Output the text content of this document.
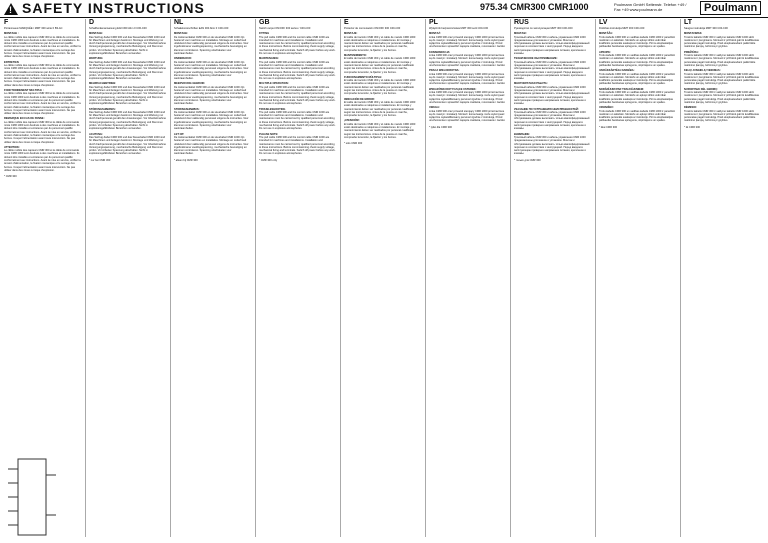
!SAFETY INSTRUCTIONS	975.34 CMR300 CMR1000	Poulmann GmbH Seltenstr. Telefon +49 / Fax +49 www.poulmann.de	Poulmann
F
Portanneaux MARQUÉE / MMT 300 série 0 B3-AC
MONTAGE :
Le câble mobile des capteurs CMR 300 et le câble de commande mixte CMR 1000 sont destinés à des machines et installations. Ils doivent être installés et entretenus par du personnel qualifié conformément aux instructions. Avant la mise en service, vérifier la tension d'alimentation, la fixation mécanique et le serrage des bornes. Couper l'alimentation avant toute intervention. Ne pas utiliser dans des zones à risque d'explosion.
ENTRETIEN
Le câble mobile des capteurs CMR 300 et le câble de commande mixte CMR 1000 sont destinés à des machines et installations. Ils doivent être installés et entretenus par du personnel qualifié conformément aux instructions. Avant la mise en service, vérifier la tension d'alimentation, la fixation mécanique et le serrage des bornes. Couper l'alimentation avant toute intervention. Ne pas utiliser dans des zones à risque d'explosion.
FONCTIONNEMENT MULTIPLE :
Le câble mobile des capteurs CMR 300 et le câble de commande mixte CMR 1000 sont destinés à des machines et installations. Ils doivent être installés et entretenus par du personnel qualifié conformément aux instructions. Avant la mise en service, vérifier la tension d'alimentation, la fixation mécanique et le serrage des bornes. Couper l'alimentation avant toute intervention. Ne pas utiliser dans des zones à risque d'explosion.
REMARQUE EN CAS DE PANNE :
Le câble mobile des capteurs CMR 300 et le câble de commande mixte CMR 1000 sont destinés à des machines et installations. Ils doivent être installés et entretenus par du personnel qualifié conformément aux instructions. Avant la mise en service, vérifier la tension d'alimentation, la fixation mécanique et le serrage des bornes. Couper l'alimentation avant toute intervention. Ne pas utiliser dans des zones à risque d'explosion.
ATTENTION :
Le câble mobile des capteurs CMR 300 et le câble de commande mixte CMR 1000 sont destinés à des machines et installations. Ils doivent être installés et entretenus par du personnel qualifié conformément aux instructions. Avant la mise en service, vérifier la tension d'alimentation, la fixation mécanique et le serrage des bornes. Couper l'alimentation avant toute intervention. Ne pas utiliser dans des zones à risque d'explosion.
* CMR 300
D
Schaltfunkenanweisung EAN 300 Abm 0 C00-C00
MONTAGE:
Das Seilzug-Kabel CMR 300 und das Steuerkabel CMR 1000 sind für Maschinen und Anlagen bestimmt. Montage und Wartung nur durch Fachpersonal gemäß den Anweisungen. Vor Inbetriebnahme Versorgungsspannung, mechanische Befestigung und Klemmen prüfen. Vor Arbeiten Spannung abschalten. Nicht in explosionsgefährdeten Bereichen verwenden.
WARTUNG:
Das Seilzug-Kabel CMR 300 und das Steuerkabel CMR 1000 sind für Maschinen und Anlagen bestimmt. Montage und Wartung nur durch Fachpersonal gemäß den Anweisungen. Vor Inbetriebnahme Versorgungsspannung, mechanische Befestigung und Klemmen prüfen. Vor Arbeiten Spannung abschalten. Nicht in explosionsgefährdeten Bereichen verwenden.
MEHRFACHBETRIEB:
Das Seilzug-Kabel CMR 300 und das Steuerkabel CMR 1000 sind für Maschinen und Anlagen bestimmt. Montage und Wartung nur durch Fachpersonal gemäß den Anweisungen. Vor Inbetriebnahme Versorgungsspannung, mechanische Befestigung und Klemmen prüfen. Vor Arbeiten Spannung abschalten. Nicht in explosionsgefährdeten Bereichen verwenden.
STÖRUNGSHINWEIS:
Das Seilzug-Kabel CMR 300 und das Steuerkabel CMR 1000 sind für Maschinen und Anlagen bestimmt. Montage und Wartung nur durch Fachpersonal gemäß den Anweisungen. Vor Inbetriebnahme Versorgungsspannung, mechanische Befestigung und Klemmen prüfen. Vor Arbeiten Spannung abschalten. Nicht in explosionsgefährdeten Bereichen verwenden.
ACHTUNG:
Das Seilzug-Kabel CMR 300 und das Steuerkabel CMR 1000 sind für Maschinen und Anlagen bestimmt. Montage und Wartung nur durch Fachpersonal gemäß den Anweisungen. Vor Inbetriebnahme Versorgungsspannung, mechanische Befestigung und Klemmen prüfen. Vor Arbeiten Spannung abschalten. Nicht in explosionsgefährdeten Bereichen verwenden.
* nur bei CMR 300
NL
Schakelvoorschriften EAN 300 Abm 0 C00-C00
MONTAGE:
De treksnoerkabel CMR 300 en de stuurkabel CMR 1000 zijn bestemd voor machines en installaties. Montage en onderhoud uitsluitend door vakkundig personeel volgens de instructies. Voor ingebruikname voedingsspanning, mechanische bevestiging en klemmen controleren. Spanning uitschakelen voor werkzaamheden.
ONDERHOUD:
De treksnoerkabel CMR 300 en de stuurkabel CMR 1000 zijn bestemd voor machines en installaties. Montage en onderhoud uitsluitend door vakkundig personeel volgens de instructies. Voor ingebruikname voedingsspanning, mechanische bevestiging en klemmen controleren. Spanning uitschakelen voor werkzaamheden.
MEERVOUDIG GEBRUIK:
De treksnoerkabel CMR 300 en de stuurkabel CMR 1000 zijn bestemd voor machines en installaties. Montage en onderhoud uitsluitend door vakkundig personeel volgens de instructies. Voor ingebruikname voedingsspanning, mechanische bevestiging en klemmen controleren. Spanning uitschakelen voor werkzaamheden.
STORINGSHINWEIS:
De treksnoerkabel CMR 300 en de stuurkabel CMR 1000 zijn bestemd voor machines en installaties. Montage en onderhoud uitsluitend door vakkundig personeel volgens de instructies. Voor ingebruikname voedingsspanning, mechanische bevestiging en klemmen controleren. Spanning uitschakelen voor werkzaamheden.
LET OP:
De treksnoerkabel CMR 300 en de stuurkabel CMR 1000 zijn bestemd voor machines en installaties. Montage en onderhoud uitsluitend door vakkundig personeel volgens de instructies. Voor ingebruikname voedingsspanning, mechanische bevestiging en klemmen controleren. Spanning uitschakelen voor werkzaamheden.
* alleen bij CMR 300
GB
Switch output ON/OFF 300 series / C00-C00
FITTING
The pull cable CMR 300 and the control cable CMR 1000 are intended for machines and installations. Installation and maintenance must be carried out by qualified personnel according to these instructions. Before commissioning check supply voltage, mechanical fixing and terminals. Switch off power before any work. Do not use in explosive atmospheres.
MAINTENANCE:
The pull cable CMR 300 and the control cable CMR 1000 are intended for machines and installations. Installation and maintenance must be carried out by qualified personnel according to these instructions. Before commissioning check supply voltage, mechanical fixing and terminals. Switch off power before any work. Do not use in explosive atmospheres.
MULTIPLE OPERATION:
The pull cable CMR 300 and the control cable CMR 1000 are intended for machines and installations. Installation and maintenance must be carried out by qualified personnel according to these instructions. Before commissioning check supply voltage, mechanical fixing and terminals. Switch off power before any work. Do not use in explosive atmospheres.
TROUBLESHOOTING
The pull cable CMR 300 and the control cable CMR 1000 are intended for machines and installations. Installation and maintenance must be carried out by qualified personnel according to these instructions. Before commissioning check supply voltage, mechanical fixing and terminals. Switch off power before any work. Do not use in explosive atmospheres.
PLEASE NOTE:
The pull cable CMR 300 and the control cable CMR 1000 are intended for machines and installations. Installation and maintenance must be carried out by qualified personnel according to these instructions. Before commissioning check supply voltage, mechanical fixing and terminals. Switch off power before any work. Do not use in explosive atmospheres.
* CMR 300 only
E
Protector de conmutación ON/OFF 300 C00-C00
MONTAJE:
El cable de tracción CMR 300 y el cable de mando CMR 1000 están destinados a máquinas e instalaciones. El montaje y mantenimiento deben ser realizados por personal cualificado según las instrucciones. Antes de la puesta en marcha, compruebe la tensión, la fijación y los bornes.
MANTENIMIENTO:
El cable de tracción CMR 300 y el cable de mando CMR 1000 están destinados a máquinas e instalaciones. El montaje y mantenimiento deben ser realizados por personal cualificado según las instrucciones. Antes de la puesta en marcha, compruebe la tensión, la fijación y los bornes.
FUNCIONAMIENTO MÚLTIPLE:
El cable de tracción CMR 300 y el cable de mando CMR 1000 están destinados a máquinas e instalaciones. El montaje y mantenimiento deben ser realizados por personal cualificado según las instrucciones. Antes de la puesta en marcha, compruebe la tensión, la fijación y los bornes.
INDICACIÓN DE ERROR:
El cable de tracción CMR 300 y el cable de mando CMR 1000 están destinados a máquinas e instalaciones. El montaje y mantenimiento deben ser realizados por personal cualificado según las instrucciones. Antes de la puesta en marcha, compruebe la tensión, la fijación y los bornes.
¡ATENCIÓN!:
El cable de tracción CMR 300 y el cable de mando CMR 1000 están destinados a máquinas e instalaciones. El montaje y mantenimiento deben ser realizados por personal cualificado según las instrucciones. Antes de la puesta en marcha, compruebe la tensión, la fijación y los bornes.
* solo CMR 300
PL
Wyłącznik bezpieczeństwa MMT 300 serii C00-C00
MONTAŻ:
Linka CMR 300 oraz przewód sterujący CMR 1000 przeznaczone są do maszyn i instalacji. Montaż i konserwację może wykonywać wyłącznie wykwalifikowany personel zgodnie z instrukcją. Przed uruchomieniem sprawdzić napięcie zasilania, mocowanie i zaciski.
KONSERWACJA:
Linka CMR 300 oraz przewód sterujący CMR 1000 przeznaczone są do maszyn i instalacji. Montaż i konserwację może wykonywać wyłącznie wykwalifikowany personel zgodnie z instrukcją. Przed uruchomieniem sprawdzić napięcie zasilania, mocowanie i zaciski.
PRACA WIELOKROTNA:
Linka CMR 300 oraz przewód sterujący CMR 1000 przeznaczone są do maszyn i instalacji. Montaż i konserwację może wykonywać wyłącznie wykwalifikowany personel zgodnie z instrukcją. Przed uruchomieniem sprawdzić napięcie zasilania, mocowanie i zaciski.
WSKAZÓWKI DOTYCZĄCE USTEREK:
Linka CMR 300 oraz przewód sterujący CMR 1000 przeznaczone są do maszyn i instalacji. Montaż i konserwację może wykonywać wyłącznie wykwalifikowany personel zgodnie z instrukcją. Przed uruchomieniem sprawdzić napięcie zasilania, mocowanie i zaciski.
UWAGA:
Linka CMR 300 oraz przewód sterujący CMR 1000 przeznaczone są do maszyn i instalacji. Montaż i konserwację może wykonywać wyłącznie wykwalifikowany personel zgodnie z instrukcją. Przed uruchomieniem sprawdzić napięcie zasilania, mocowanie i zaciski.
* tylko dla CMR 300
RUS
Руководство по эксплуатации MMT 300 C00-C00
МОНТАЖ:
Тросовый кабель CMR 300 и кабель управления CMR 1000 предназначены для машин и установок. Монтаж и обслуживание должен выполнять только квалифицированный персонал в соответствии с инструкцией. Перед вводом в эксплуатацию проверьте напряжение питания, крепление и клеммы.
ТЕХНИЧЕСКОЕ ОБСЛУЖИВАНИЕ:
Тросовый кабель CMR 300 и кабель управления CMR 1000 предназначены для машин и установок. Монтаж и обслуживание должен выполнять только квалифицированный персонал в соответствии с инструкцией. Перед вводом в эксплуатацию проверьте напряжение питания, крепление и клеммы.
МНОГОКРАТНАЯ РАБОТА:
Тросовый кабель CMR 300 и кабель управления CMR 1000 предназначены для машин и установок. Монтаж и обслуживание должен выполнять только квалифицированный персонал в соответствии с инструкцией. Перед вводом в эксплуатацию проверьте напряжение питания, крепление и клеммы.
УКАЗАНИЕ ПО УСТРАНЕНИЮ НЕИСПРАВНОСТЕЙ:
Тросовый кабель CMR 300 и кабель управления CMR 1000 предназначены для машин и установок. Монтаж и обслуживание должен выполнять только квалифицированный персонал в соответствии с инструкцией. Перед вводом в эксплуатацию проверьте напряжение питания, крепление и клеммы.
ВНИМАНИЕ:
Тросовый кабель CMR 300 и кабель управления CMR 1000 предназначены для машин и установок. Монтаж и обслуживание должен выполнять только квалифицированный персонал в соответствии с инструкцией. Перед вводом в эксплуатацию проверьте напряжение питания, крепление и клеммы.
* только для CMR 300
LV
Drošības instrukcija MMT 300 C00-C00
MONTĀŽA:
Trošu kabelis CMR 300 un vadības kabelis CMR 1000 ir paredzēti mašīnām un iekārtām. Montāžu un apkopi drīkst veikt tikai kvalificēts personāls saskaņā ar instrukciju. Pirms ekspluatācijas pārbaudiet barošanas spriegumu, stiprinājumu un spailes.
APKOPE:
Trošu kabelis CMR 300 un vadības kabelis CMR 1000 ir paredzēti mašīnām un iekārtām. Montāžu un apkopi drīkst veikt tikai kvalificēts personāls saskaņā ar instrukciju. Pirms ekspluatācijas pārbaudiet barošanas spriegumu, stiprinājumu un spailes.
VAIRĀKKĀRTĒJA DARBĪBA:
Trošu kabelis CMR 300 un vadības kabelis CMR 1000 ir paredzēti mašīnām un iekārtām. Montāžu un apkopi drīkst veikt tikai kvalificēts personāls saskaņā ar instrukciju. Pirms ekspluatācijas pārbaudiet barošanas spriegumu, stiprinājumu un spailes.
NORĀDĪJUMI PAR TRAUCĒJUMIEM:
Trošu kabelis CMR 300 un vadības kabelis CMR 1000 ir paredzēti mašīnām un iekārtām. Montāžu un apkopi drīkst veikt tikai kvalificēts personāls saskaņā ar instrukciju. Pirms ekspluatācijas pārbaudiet barošanas spriegumu, stiprinājumu un spailes.
UZMANĪBU:
Trošu kabelis CMR 300 un vadības kabelis CMR 1000 ir paredzēti mašīnām un iekārtām. Montāžu un apkopi drīkst veikt tikai kvalificēts personāls saskaņā ar instrukciju. Pirms ekspluatācijas pārbaudiet barošanas spriegumu, stiprinājumu un spailes.
* tikai CMR 300
LT
Saugos instrukcija MMT 300 C00-C00
MONTAVIMAS:
Trosinis kabelis CMR 300 ir valdymo kabelis CMR 1000 skirti mašinoms ir įrenginiams. Montuoti ir prižiūrėti gali tik kvalifikuotas personalas pagal instrukciją. Prieš eksploatuodami patikrinkite maitinimo įtampą, tvirtinimą ir gnybtus.
PRIEŽIŪRA:
Trosinis kabelis CMR 300 ir valdymo kabelis CMR 1000 skirti mašinoms ir įrenginiams. Montuoti ir prižiūrėti gali tik kvalifikuotas personalas pagal instrukciją. Prieš eksploatuodami patikrinkite maitinimo įtampą, tvirtinimą ir gnybtus.
KELIŲ JUNGIKLIŲ VEIKIMAS:
Trosinis kabelis CMR 300 ir valdymo kabelis CMR 1000 skirti mašinoms ir įrenginiams. Montuoti ir prižiūrėti gali tik kvalifikuotas personalas pagal instrukciją. Prieš eksploatuodami patikrinkite maitinimo įtampą, tvirtinimą ir gnybtus.
NURODYMAI DĖL GEDIMŲ:
Trosinis kabelis CMR 300 ir valdymo kabelis CMR 1000 skirti mašinoms ir įrenginiams. Montuoti ir prižiūrėti gali tik kvalifikuotas personalas pagal instrukciją. Prieš eksploatuodami patikrinkite maitinimo įtampą, tvirtinimą ir gnybtus.
DĖMESIO:
Trosinis kabelis CMR 300 ir valdymo kabelis CMR 1000 skirti mašinoms ir įrenginiams. Montuoti ir prižiūrėti gali tik kvalifikuotas personalas pagal instrukciją. Prieš eksploatuodami patikrinkite maitinimo įtampą, tvirtinimą ir gnybtus.
* tik CMR 300
